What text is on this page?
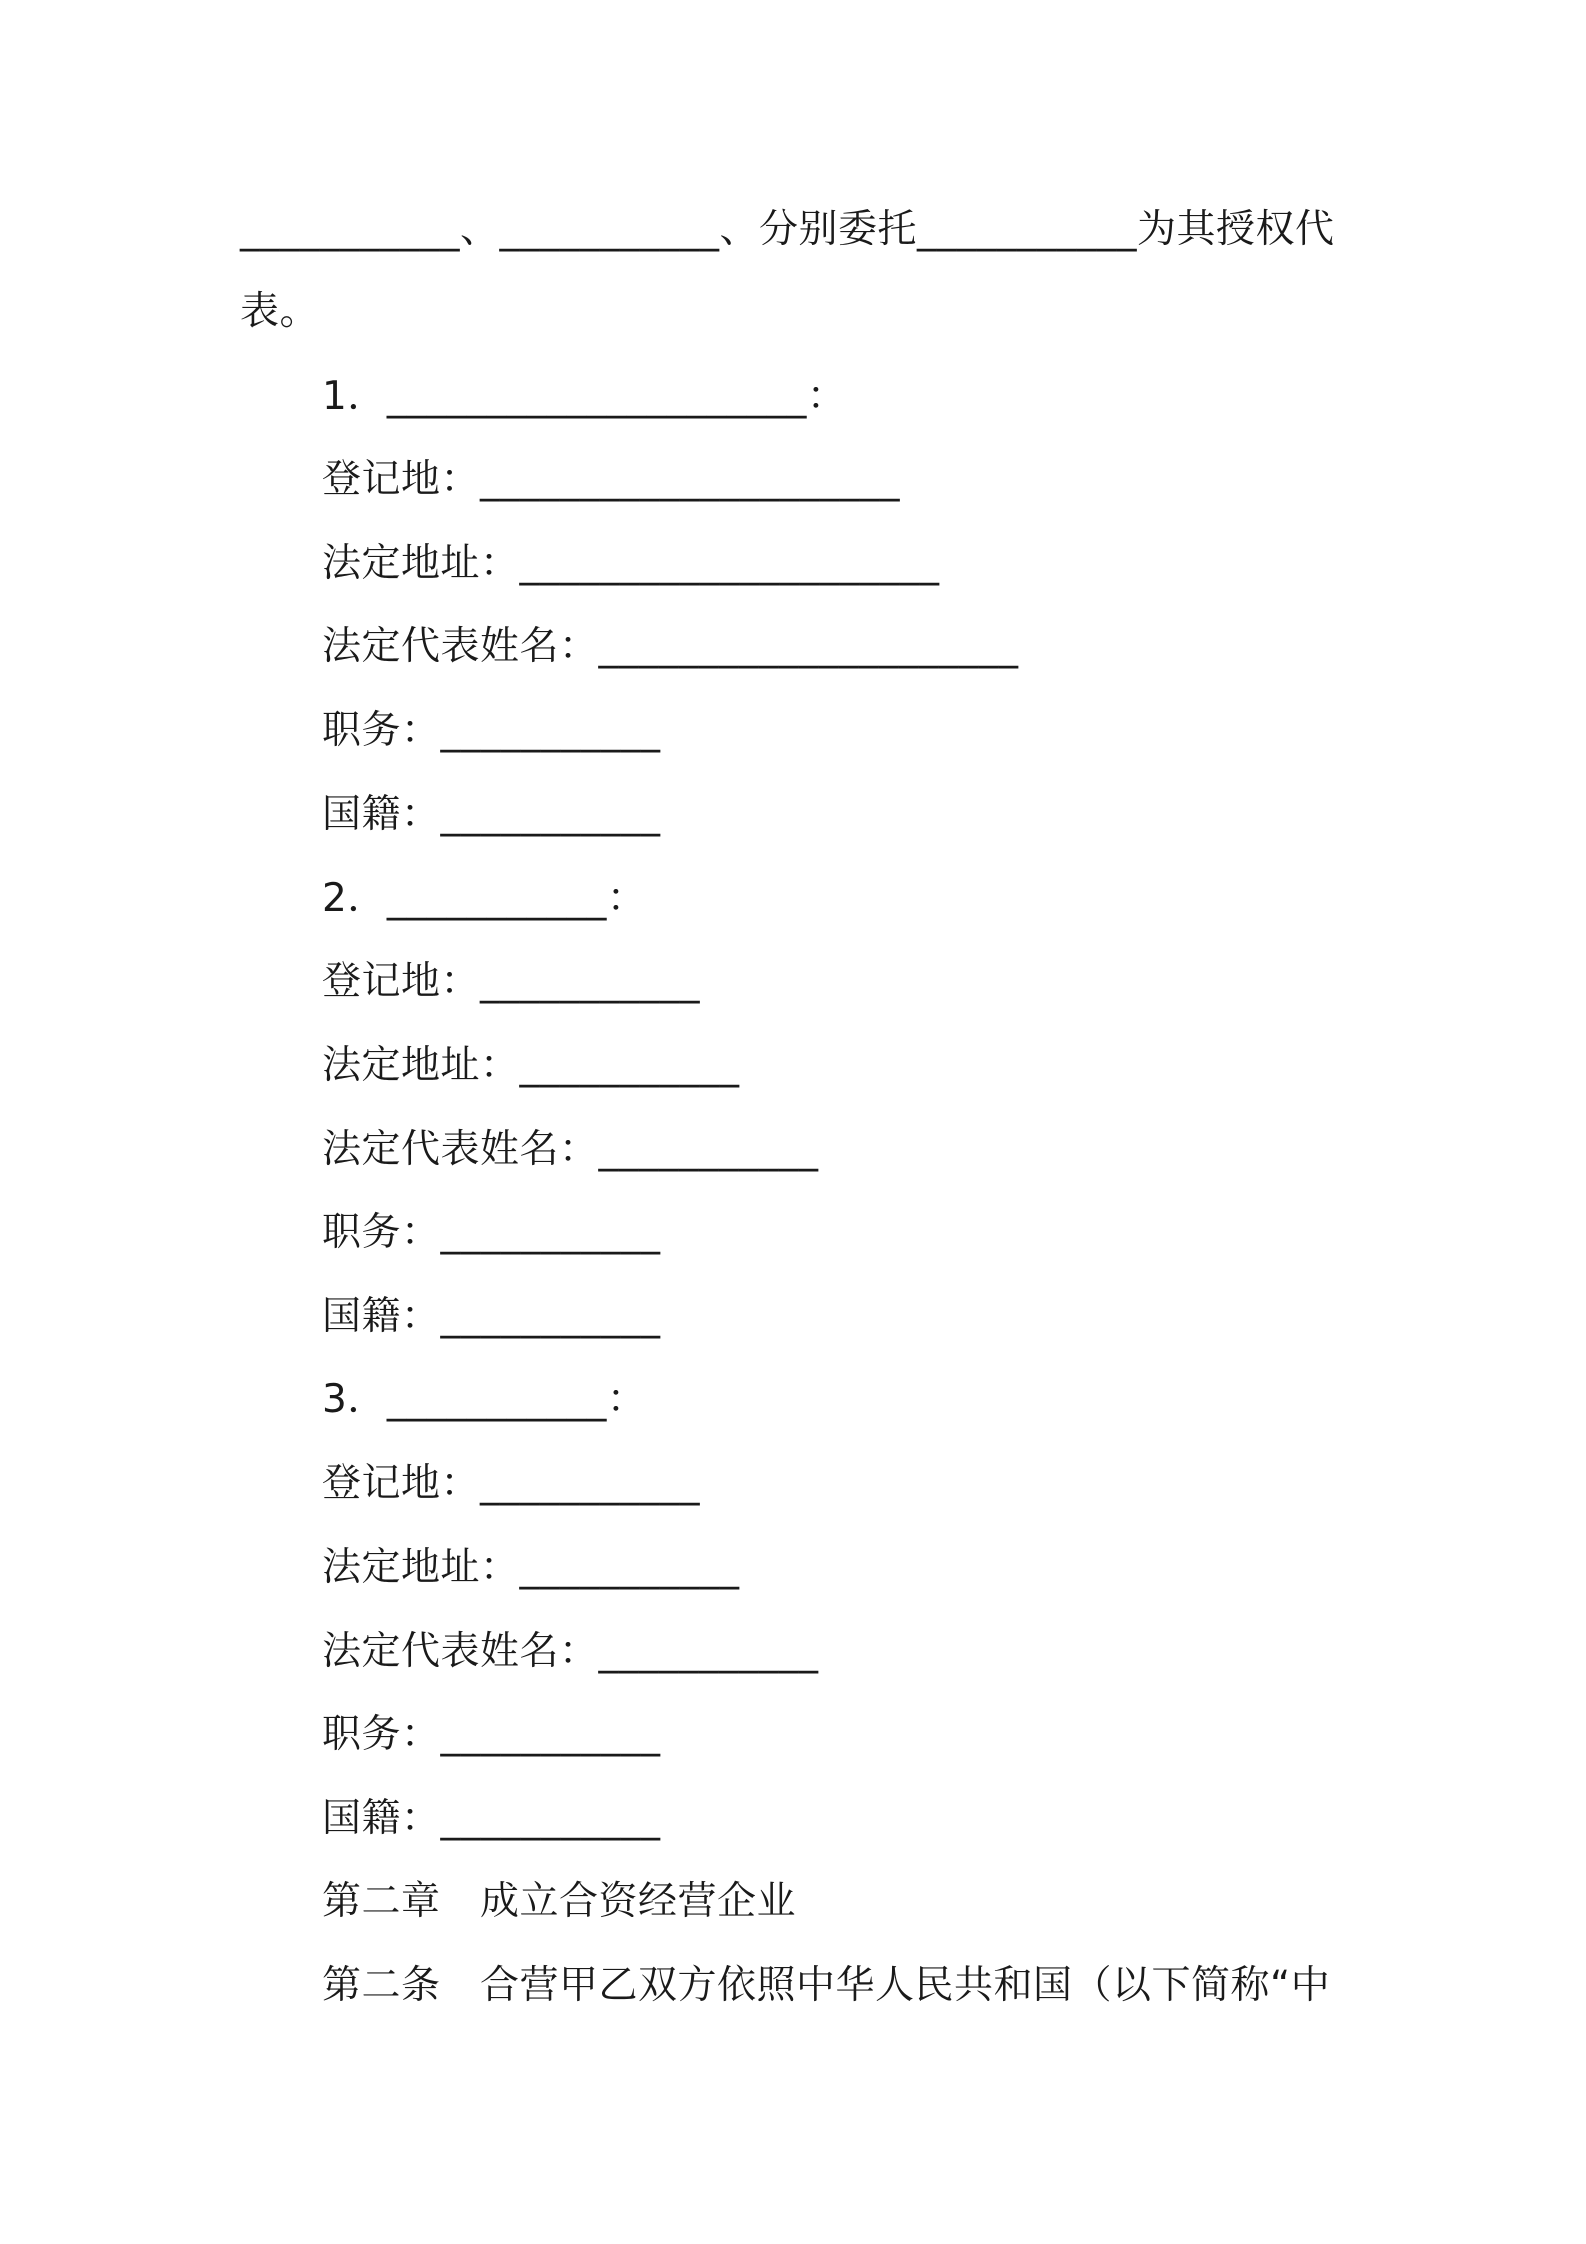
___________、___________、分别委托___________为其授权代
表。
1．_____________________：
登记地：_____________________
法定地址：_____________________
法定代表姓名：_____________________
职务：___________
国籍：___________
2．___________：
登记地：___________
法定地址：___________
法定代表姓名：___________
职务：___________
国籍：___________
3．___________：
登记地：___________
法定地址：___________
法定代表姓名：___________
职务：___________
国籍：___________
第二章　成立合资经营企业
第二条　合营甲乙双方依照中华人民共和国（以下简称“中
